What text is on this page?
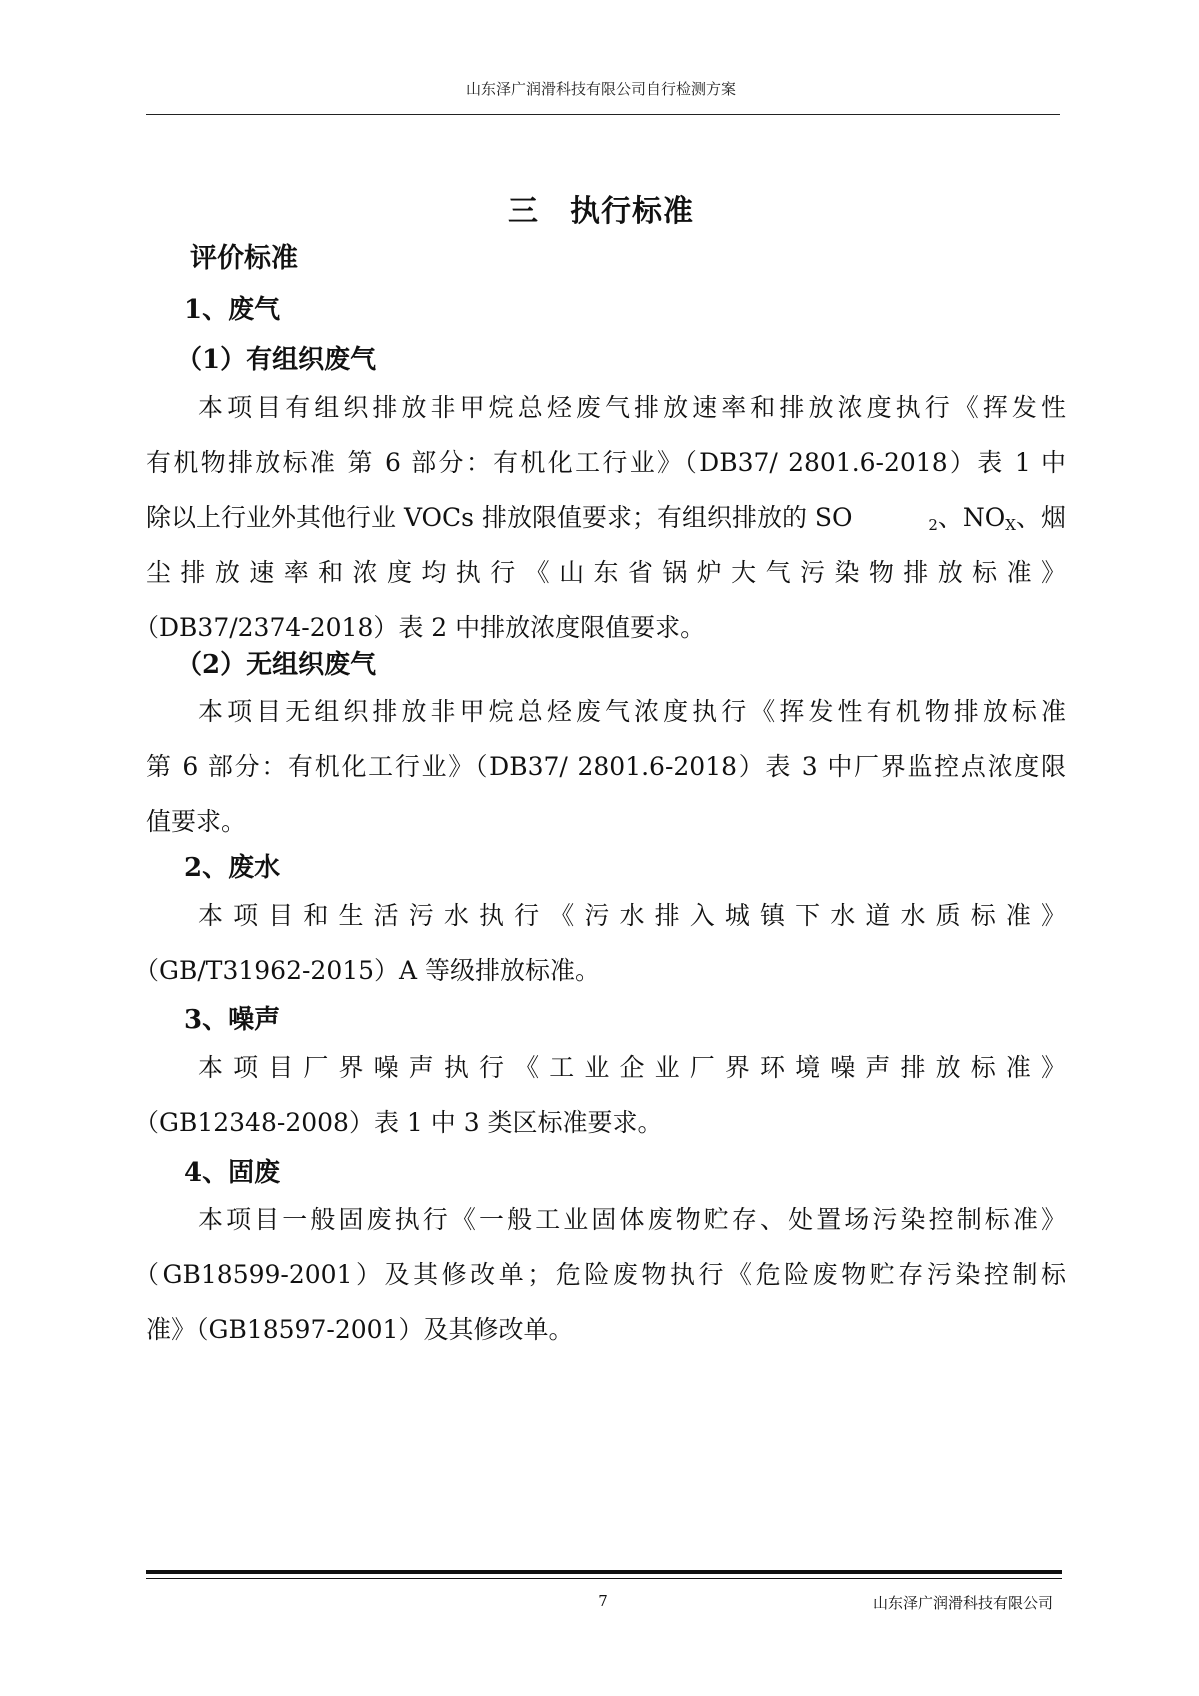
山东泽广润滑科技有限公司自行检测方案
三　执行标准
评价标准
1、废气
（1）有组织废气
本项目有组织排放非甲烷总烃废气排放速率和排放浓度执行《挥发性
有机物排放标准 第 6 部分：有机化工行业》（DB37/ 2801.6-2018）表 1 中
除以上行业外其他行业 VOCs 排放限值要求；有组织排放的 SO	$_2$、$NO_X$、烟
尘排放速率和浓度均执行《山东省锅炉大气污染物排放标准》
（DB37/2374-2018）表 2 中排放浓度限值要求。
（2）无组织废气
本项目无组织排放非甲烷总烃废气浓度执行《挥发性有机物排放标准
第 6 部分：有机化工行业》（DB37/ 2801.6-2018）表 3 中厂界监控点浓度限
值要求。
2、废水
本项目和生活污水执行《污水排入城镇下水道水质标准》
（GB/T31962-2015）A 等级排放标准。
3、噪声
本项目厂界噪声执行《工业企业厂界环境噪声排放标准》
（GB12348-2008）表 1 中 3 类区标准要求。
4、固废
本项目一般固废执行《一般工业固体废物贮存、处置场污染控制标准》
（GB18599-2001）及其修改单；危险废物执行《危险废物贮存污染控制标
准》（GB18597-2001）及其修改单。
7	山东泽广润滑科技有限公司
